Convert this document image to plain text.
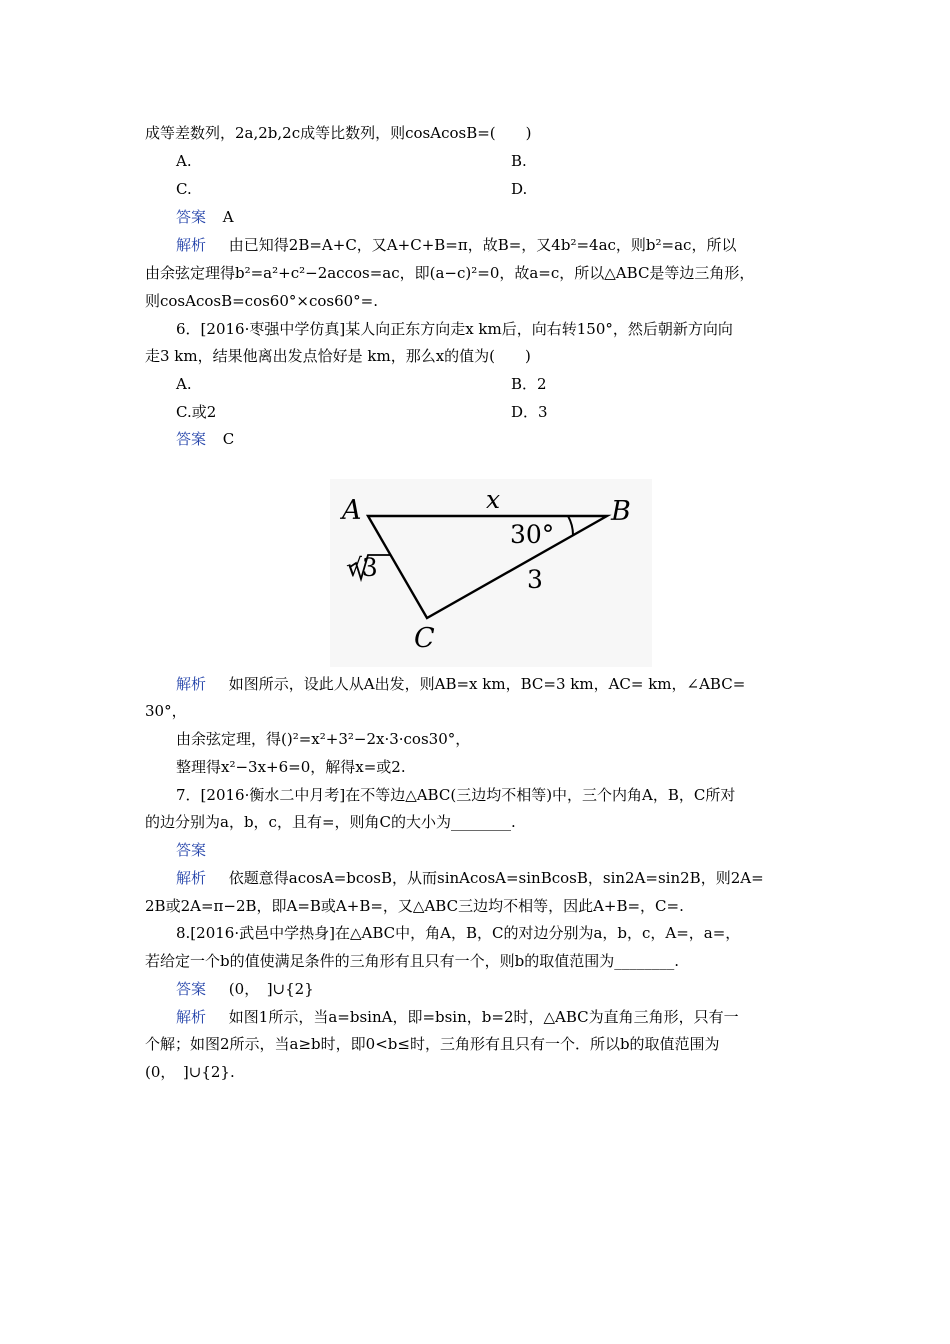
成等差数列，2a,2b,2c成等比数列，则cosAcosB=(　　)
A.	B.
C.	D.
答案 A
解析 由已知得2B=A+C，又A+C+B=π，故B=，又4b²=4ac，则b²=ac，所以
由余弦定理得b²=a²+c²−2accos=ac，即(a−c)²=0，故a=c，所以△ABC是等边三角形，
则cosAcosB=cos60°×cos60°=.
6．[2016·枣强中学仿真]某人向正东方向走x km后，向右转150°，然后朝新方向向
走3 km，结果他离出发点恰好是 km，那么x的值为(　　)
A.	B．2
C.或2	D．3
答案 C
A	B
C
x
3
√3
30°
解析 如图所示，设此人从A出发，则AB=x km，BC=3 km，AC= km，∠ABC=
30°，
由余弦定理，得()²=x²+3²−2x·3·cos30°，
整理得x²−3x+6=0，解得x=或2.
7．[2016·衡水二中月考]在不等边△ABC(三边均不相等)中，三个内角A，B，C所对
的边分别为a，b，c，且有=，则角C的大小为________.
答案
解析 依题意得acosA=bcosB，从而sinAcosA=sinBcosB，sin2A=sin2B，则2A=
2B或2A=π−2B，即A=B或A+B=，又△ABC三边均不相等，因此A+B=，C=.
8.[2016·武邑中学热身]在△ABC中，角A，B，C的对边分别为a，b，c，A=，a=，
若给定一个b的值使满足条件的三角形有且只有一个，则b的取值范围为________.
答案 (0，　]∪{2}
解析 如图1所示，当a=bsinA，即=bsin，b=2时，△ABC为直角三角形，只有一
个解；如图2所示，当a≥b时，即0<b≤时，三角形有且只有一个．所以b的取值范围为
(0，　]∪{2}.
